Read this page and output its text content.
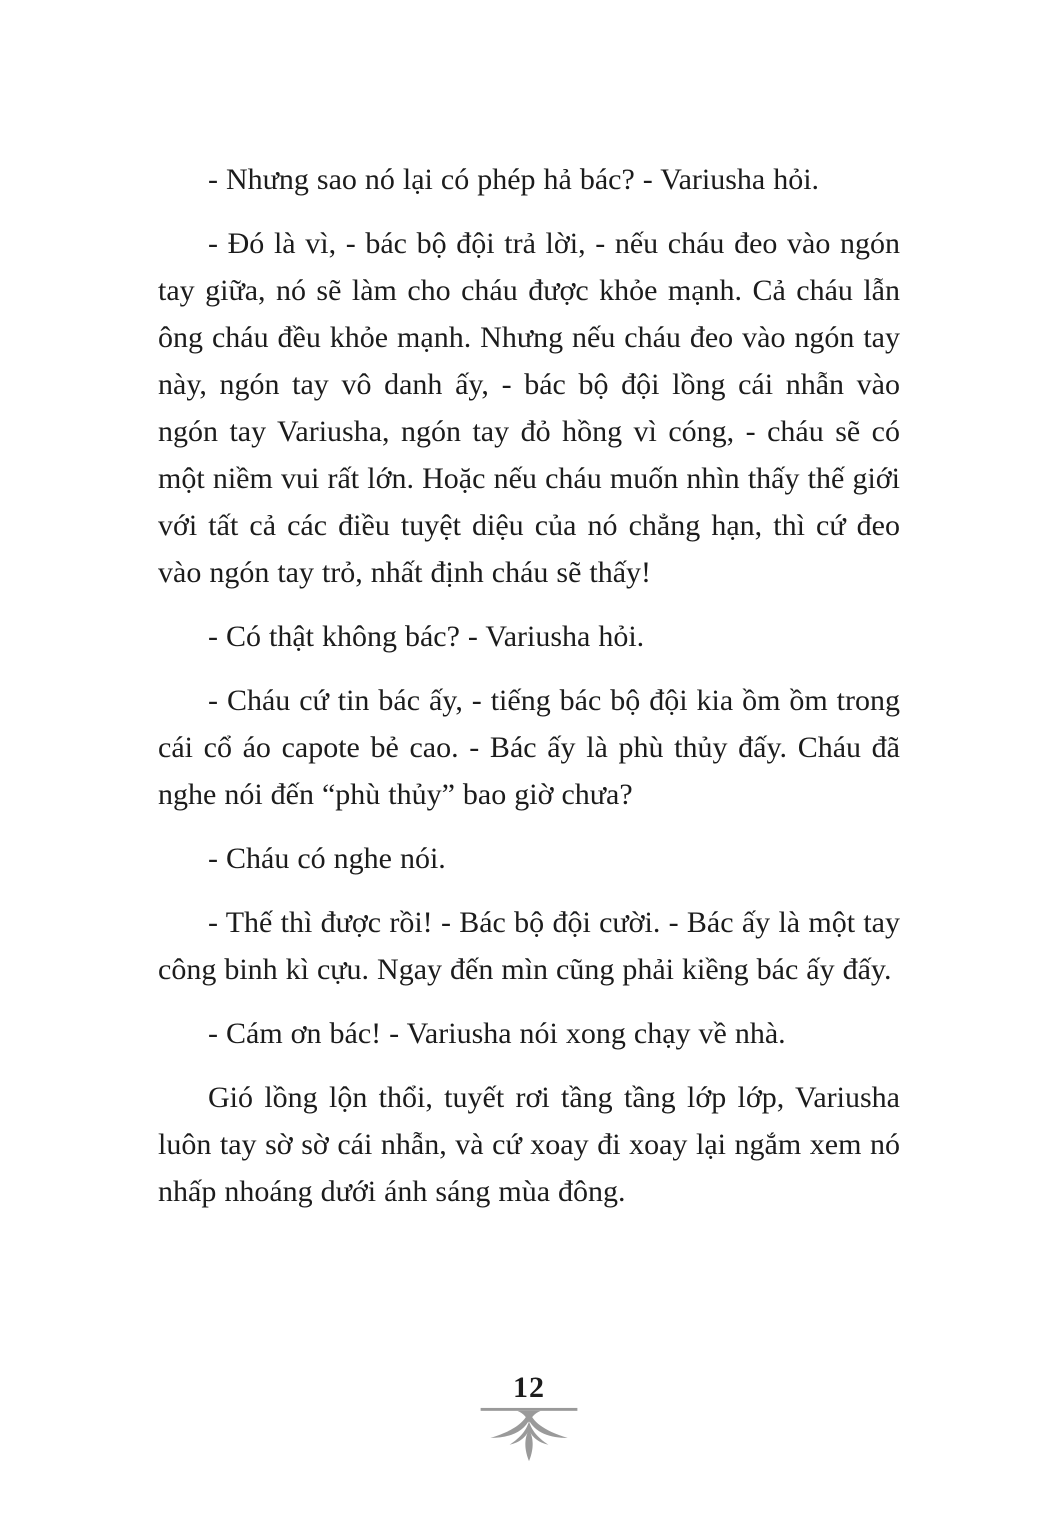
- Nhưng sao nó lại có phép hả bác? - Variusha hỏi.

- Đó là vì, - bác bộ đội trả lời, - nếu cháu đeo vào ngón tay giữa, nó sẽ làm cho cháu được khỏe mạnh. Cả cháu lẫn ông cháu đều khỏe mạnh. Nhưng nếu cháu đeo vào ngón tay này, ngón tay vô danh ấy, - bác bộ đội lồng cái nhẫn vào ngón tay Variusha, ngón tay đỏ hồng vì cóng, - cháu sẽ có một niềm vui rất lớn. Hoặc nếu cháu muốn nhìn thấy thế giới với tất cả các điều tuyệt diệu của nó chẳng hạn, thì cứ đeo vào ngón tay trỏ, nhất định cháu sẽ thấy!

- Có thật không bác? - Variusha hỏi.

- Cháu cứ tin bác ấy, - tiếng bác bộ đội kia ồm ồm trong cái cổ áo capote bẻ cao. - Bác ấy là phù thủy đấy. Cháu đã nghe nói đến “phù thủy” bao giờ chưa?

- Cháu có nghe nói.

- Thế thì được rồi! - Bác bộ đội cười. - Bác ấy là một tay công binh kì cựu. Ngay đến mìn cũng phải kiềng bác ấy đấy.

- Cám ơn bác! - Variusha nói xong chạy về nhà.

Gió lồng lộn thổi, tuyết rơi tầng tầng lớp lớp, Variusha luôn tay sờ sờ cái nhẫn, và cứ xoay đi xoay lại ngắm xem nó nhấp nhoáng dưới ánh sáng mùa đông.

12
